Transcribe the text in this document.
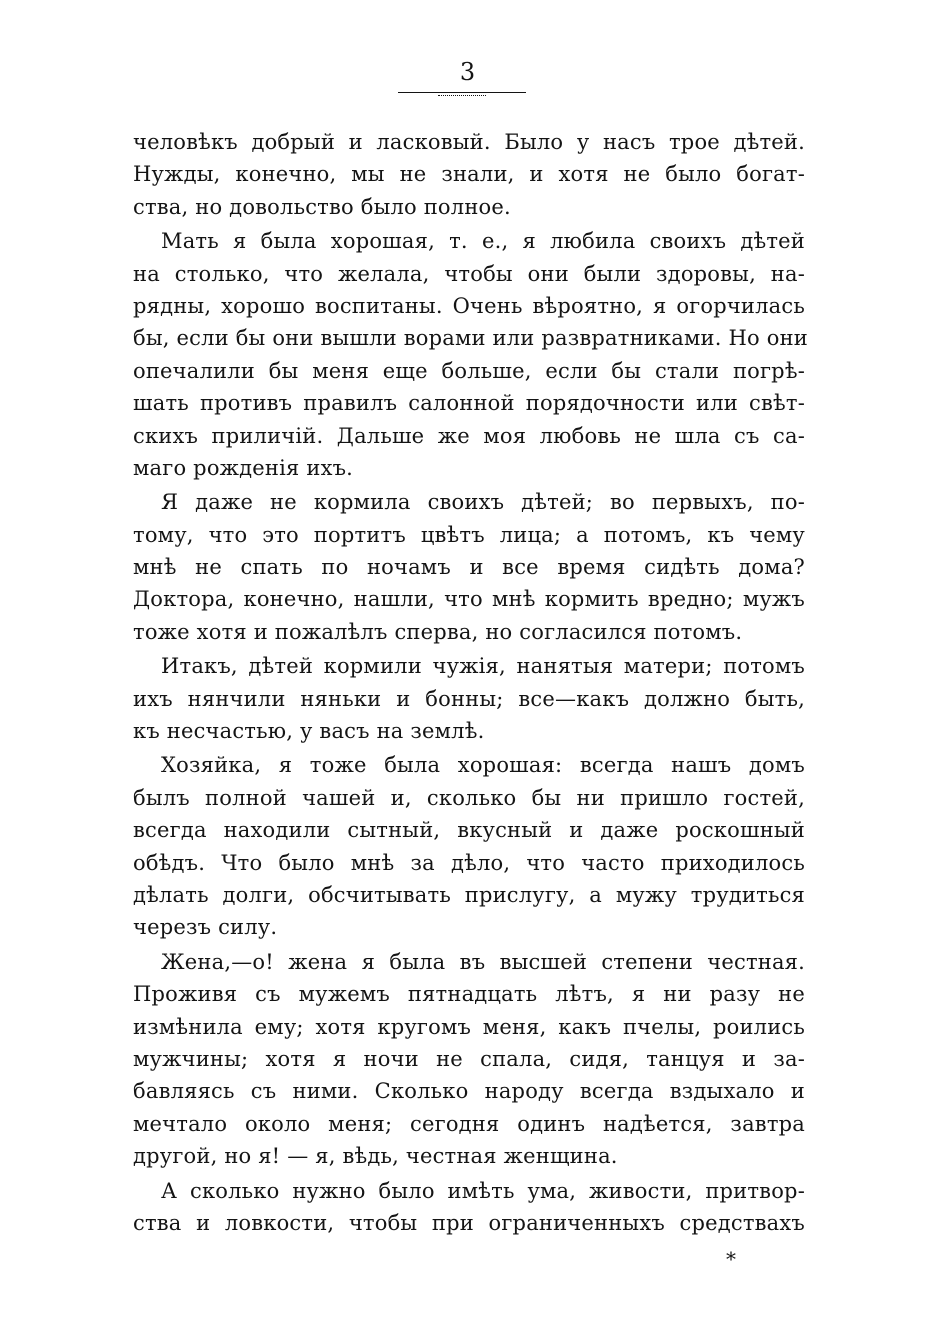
3
человѣкъ добрый и ласковый. Было у насъ трое дѣтей.
Нужды, конечно, мы не знали, и хотя не было богат-
ства, но довольство было полное.
Мать я была хорошая, т. е., я любила своихъ дѣтей
на столько, что желала, чтобы они были здоровы, на-
рядны, хорошо воспитаны. Очень вѣроятно, я огорчилась
бы, если бы они вышли ворами или развратниками. Но они
опечалили бы меня еще больше, если бы стали погрѣ-
шать противъ правилъ салонной порядочности или свѣт-
скихъ приличій. Дальше же моя любовь не шла съ са-
маго рожденія ихъ.
Я даже не кормила своихъ дѣтей; во первыхъ, по-
тому, что это портитъ цвѣтъ лица; а потомъ, къ чему
мнѣ не спать по ночамъ и все время сидѣть дома?
Доктора, конечно, нашли, что мнѣ кормить вредно; мужъ
тоже хотя и пожалѣлъ сперва, но согласился потомъ.
Итакъ, дѣтей кормили чужія, нанятыя матери; потомъ
ихъ нянчили няньки и бонны; все—какъ должно быть,
къ несчастью, у васъ на землѣ.
Хозяйка, я тоже была хорошая: всегда нашъ домъ
былъ полной чашей и, сколько бы ни пришло гостей,
всегда находили сытный, вкусный и даже роскошный
обѣдъ. Что было мнѣ за дѣло, что часто приходилось
дѣлать долги, обсчитывать прислугу, а мужу трудиться
черезъ силу.
Жена,—о! жена я была въ высшей степени честная.
Проживя съ мужемъ пятнадцать лѣтъ, я ни разу не
измѣнила ему; хотя кругомъ меня, какъ пчелы, роились
мужчины; хотя я ночи не спала, сидя, танцуя и за-
бавляясь съ ними. Сколько народу всегда вздыхало и
мечтало около меня; сегодня одинъ надѣется, завтра
другой, но я! — я, вѣдь, честная женщина.
А сколько нужно было имѣть ума, живости, притвор-
ства и ловкости, чтобы при ограниченныхъ средствахъ
*
